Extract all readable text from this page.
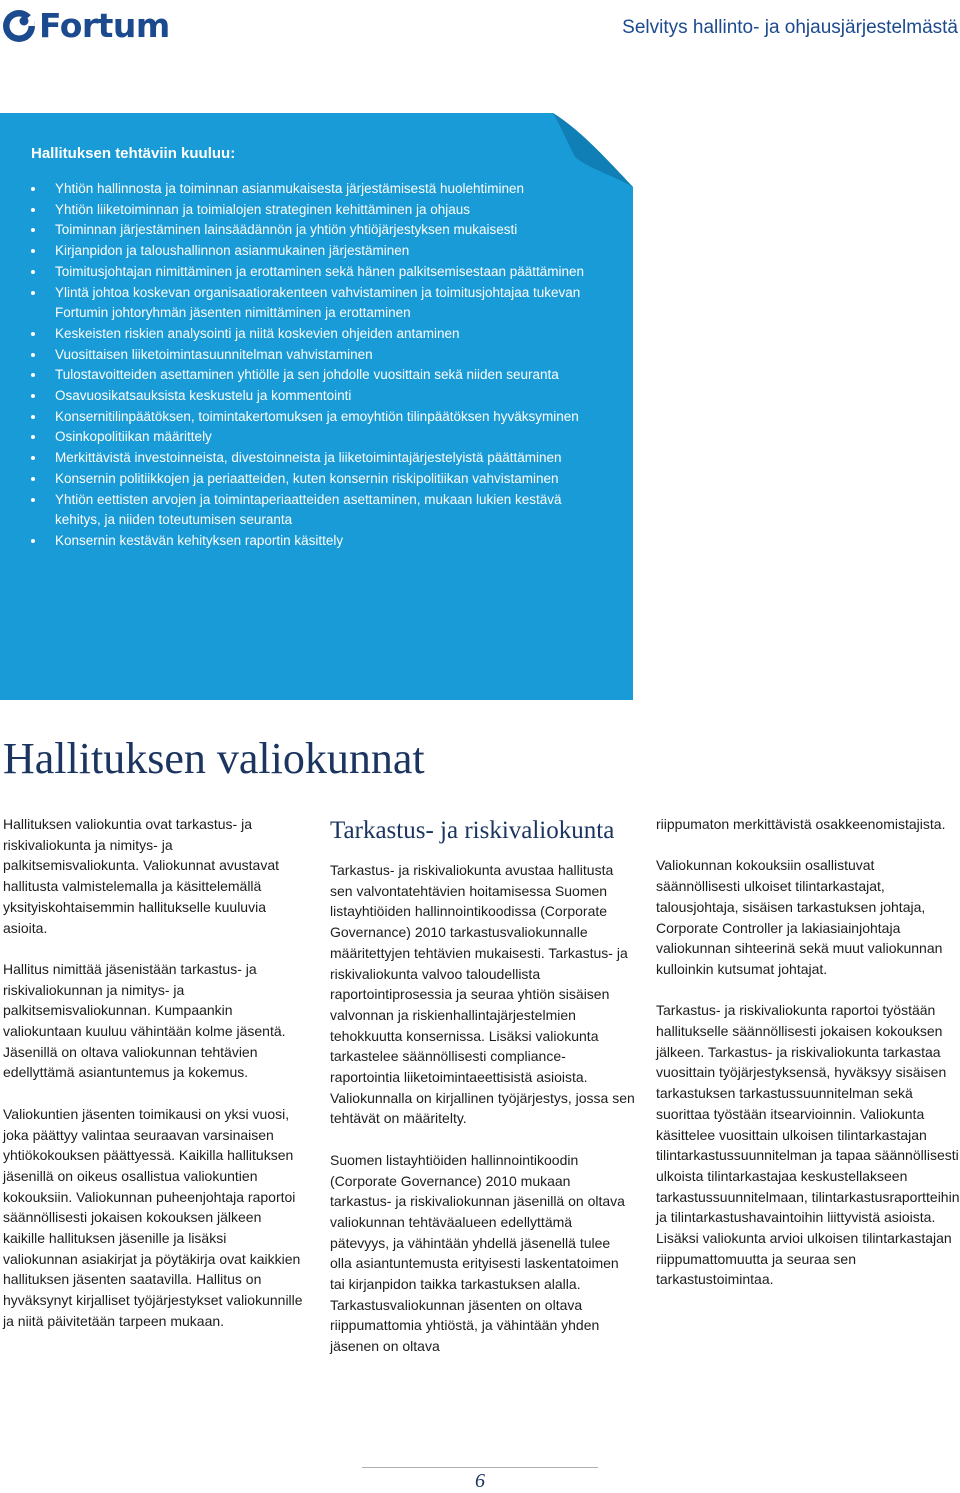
Fortum	Selvitys hallinto- ja ohjausjärjestelmästä
Hallituksen tehtäviin kuuluu:
Yhtiön hallinnosta ja toiminnan asianmukaisesta järjestämisestä huolehtiminen
Yhtiön liiketoiminnan ja toimialojen strateginen kehittäminen ja ohjaus
Toiminnan järjestäminen lainsäädännön ja yhtiön yhtiöjärjestyksen mukaisesti
Kirjanpidon ja taloushallinnon asianmukainen järjestäminen
Toimitusjohtajan nimittäminen ja erottaminen sekä hänen palkitsemisestaan päättäminen
Ylintä johtoa koskevan organisaatiorakenteen vahvistaminen ja toimitusjohtajaa tukevan Fortumin johtoryhmän jäsenten nimittäminen ja erottaminen
Keskeisten riskien analysointi ja niitä koskevien ohjeiden antaminen
Vuosittaisen liiketoimintasuunnitelman vahvistaminen
Tulostavoitteiden asettaminen yhtiölle ja sen johdolle vuosittain sekä niiden seuranta
Osavuosikatsauksista keskustelu ja kommentointi
Konsernitilinpäätöksen, toimintakertomuksen ja emoyhtiön tilinpäätöksen hyväksyminen
Osinkopolitiikan määrittely
Merkittävistä investoinneista, divestoinneista ja liiketoimintajärjestelyistä päättäminen
Konsernin politiikkojen ja periaatteiden, kuten konsernin riskipolitiikan vahvistaminen
Yhtiön eettisten arvojen ja toimintaperiaatteiden asettaminen, mukaan lukien kestävä kehitys, ja niiden toteutumisen seuranta
Konsernin kestävän kehityksen raportin käsittely
Hallituksen valiokunnat

Hallituksen valiokuntia ovat tarkastus- ja riskivaliokunta ja nimitys- ja palkitsemisvaliokunta. Valiokunnat avustavat hallitusta valmistelemalla ja käsittelemällä yksityiskohtaisemmin hallitukselle kuuluvia asioita.

Hallitus nimittää jäsenistään tarkastus- ja riskivaliokunnan ja nimitys- ja palkitsemisvaliokunnan. Kumpaankin valiokuntaan kuuluu vähintään kolme jäsentä. Jäsenillä on oltava valiokunnan tehtävien edellyttämä asiantuntemus ja kokemus.

Valiokuntien jäsenten toimikausi on yksi vuosi, joka päättyy valintaa seuraavan varsinaisen yhtiökokouksen päättyessä. Kaikilla hallituksen jäsenillä on oikeus osallistua valiokuntien kokouksiin. Valiokunnan puheenjohtaja raportoi säännöllisesti jokaisen kokouksen jälkeen kaikille hallituksen jäsenille ja lisäksi valiokunnan asiakirjat ja pöytäkirja ovat kaikkien hallituksen jäsenten saatavilla. Hallitus on hyväksynyt kirjalliset työjärjestykset valiokunnille ja niitä päivitetään tarpeen mukaan.

Tarkastus- ja riskivaliokunta

Tarkastus- ja riskivaliokunta avustaa hallitusta sen valvontatehtävien hoitamisessa Suomen listayhtiöiden hallinnointikoodissa (Corporate Governance) 2010 tarkastusvaliokunnalle määritettyjen tehtävien mukaisesti. Tarkastus- ja riskivaliokunta valvoo taloudellista raportointiprosessia ja seuraa yhtiön sisäisen valvonnan ja riskienhallintajärjestelmien tehokkuutta konsernissa. Lisäksi valiokunta tarkastelee säännöllisesti compliance-raportointia liiketoimintaeettisistä asioista. Valiokunnalla on kirjallinen työjärjestys, jossa sen tehtävät on määritelty.

Suomen listayhtiöiden hallinnointikoodin (Corporate Governance) 2010 mukaan tarkastus- ja riskivaliokunnan jäsenillä on oltava valiokunnan tehtäväalueen edellyttämä pätevyys, ja vähintään yhdellä jäsenellä tulee olla asiantuntemusta erityisesti laskentatoimen tai kirjanpidon taikka tarkastuksen alalla. Tarkastusvaliokunnan jäsenten on oltava riippumattomia yhtiöstä, ja vähintään yhden jäsenen on oltava

riippumaton merkittävistä osakkeenomistajista.

Valiokunnan kokouksiin osallistuvat säännöllisesti ulkoiset tilintarkastajat, talousjohtaja, sisäisen tarkastuksen johtaja, Corporate Controller ja lakiasiainjohtaja valiokunnan sihteerinä sekä muut valiokunnan kulloinkin kutsumat johtajat.

Tarkastus- ja riskivaliokunta raportoi työstään hallitukselle säännöllisesti jokaisen kokouksen jälkeen. Tarkastus- ja riskivaliokunta tarkastaa vuosittain työjärjestyksensä, hyväksyy sisäisen tarkastuksen tarkastussuunnitelman sekä suorittaa työstään itsearvioinnin. Valiokunta käsittelee vuosittain ulkoisen tilintarkastajan tilintarkastussuunnitelman ja tapaa säännöllisesti ulkoista tilintarkastajaa keskustellakseen tarkastussuunnitelmaan, tilintarkastusraportteihin ja tilintarkastushavaintoihin liittyvistä asioista. Lisäksi valiokunta arvioi ulkoisen tilintarkastajan riippumattomuutta ja seuraa sen tarkastustoimintaa.

6
